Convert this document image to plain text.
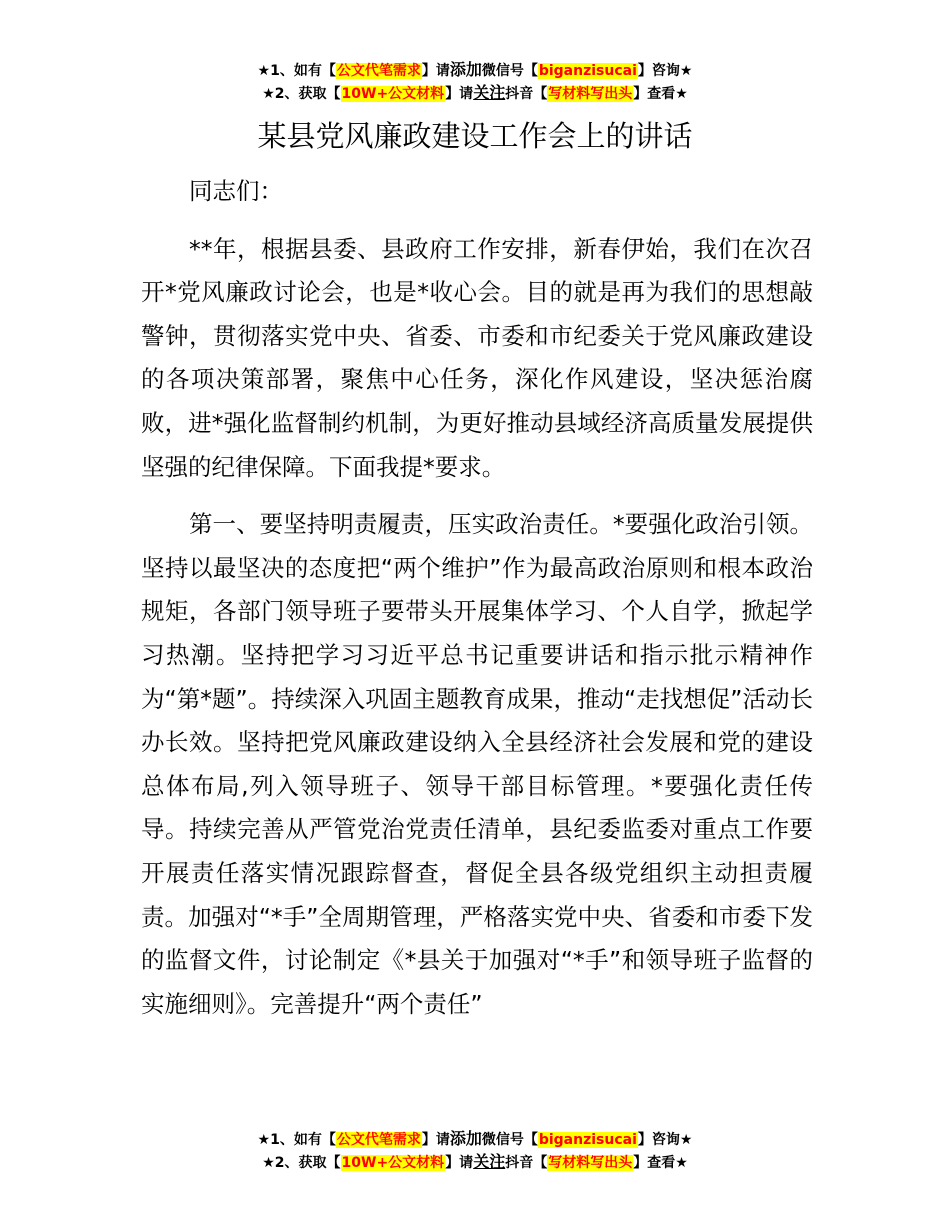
★1、如有【公文代笔需求】请添加微信号【biganzisucai】咨询★
★2、获取【10W+公文材料】请关注抖音【写材料写出头】查看★
某县党风廉政建设工作会上的讲话

同志们：

**年，根据县委、县政府工作安排，新春伊始，我们在次召开*党风廉政讨论会，也是*收心会。目的就是再为我们的思想敲警钟，贯彻落实党中央、省委、市委和市纪委关于党风廉政建设的各项决策部署，聚焦中心任务，深化作风建设，坚决惩治腐败，进*强化监督制约机制，为更好推动县域经济高质量发展提供坚强的纪律保障。下面我提*要求。

第一、要坚持明责履责，压实政治责任。*要强化政治引领。坚持以最坚决的态度把“两个维护”作为最高政治原则和根本政治规矩，各部门领导班子要带头开展集体学习、个人自学，掀起学习热潮。坚持把学习习近平总书记重要讲话和指示批示精神作为“第*题”。持续深入巩固主题教育成果，推动“走找想促”活动长办长效。坚持把党风廉政建设纳入全县经济社会发展和党的建设总体布局,列入领导班子、领导干部目标管理。*要强化责任传导。持续完善从严管党治党责任清单，县纪委监委对重点工作要开展责任落实情况跟踪督查，督促全县各级党组织主动担责履责。加强对“*手”全周期管理，严格落实党中央、省委和市委下发的监督文件，讨论制定《*县关于加强对“*手”和领导班子监督的实施细则》。完善提升“两个责任”

★1、如有【公文代笔需求】请添加微信号【biganzisucai】咨询★
★2、获取【10W+公文材料】请关注抖音【写材料写出头】查看★
